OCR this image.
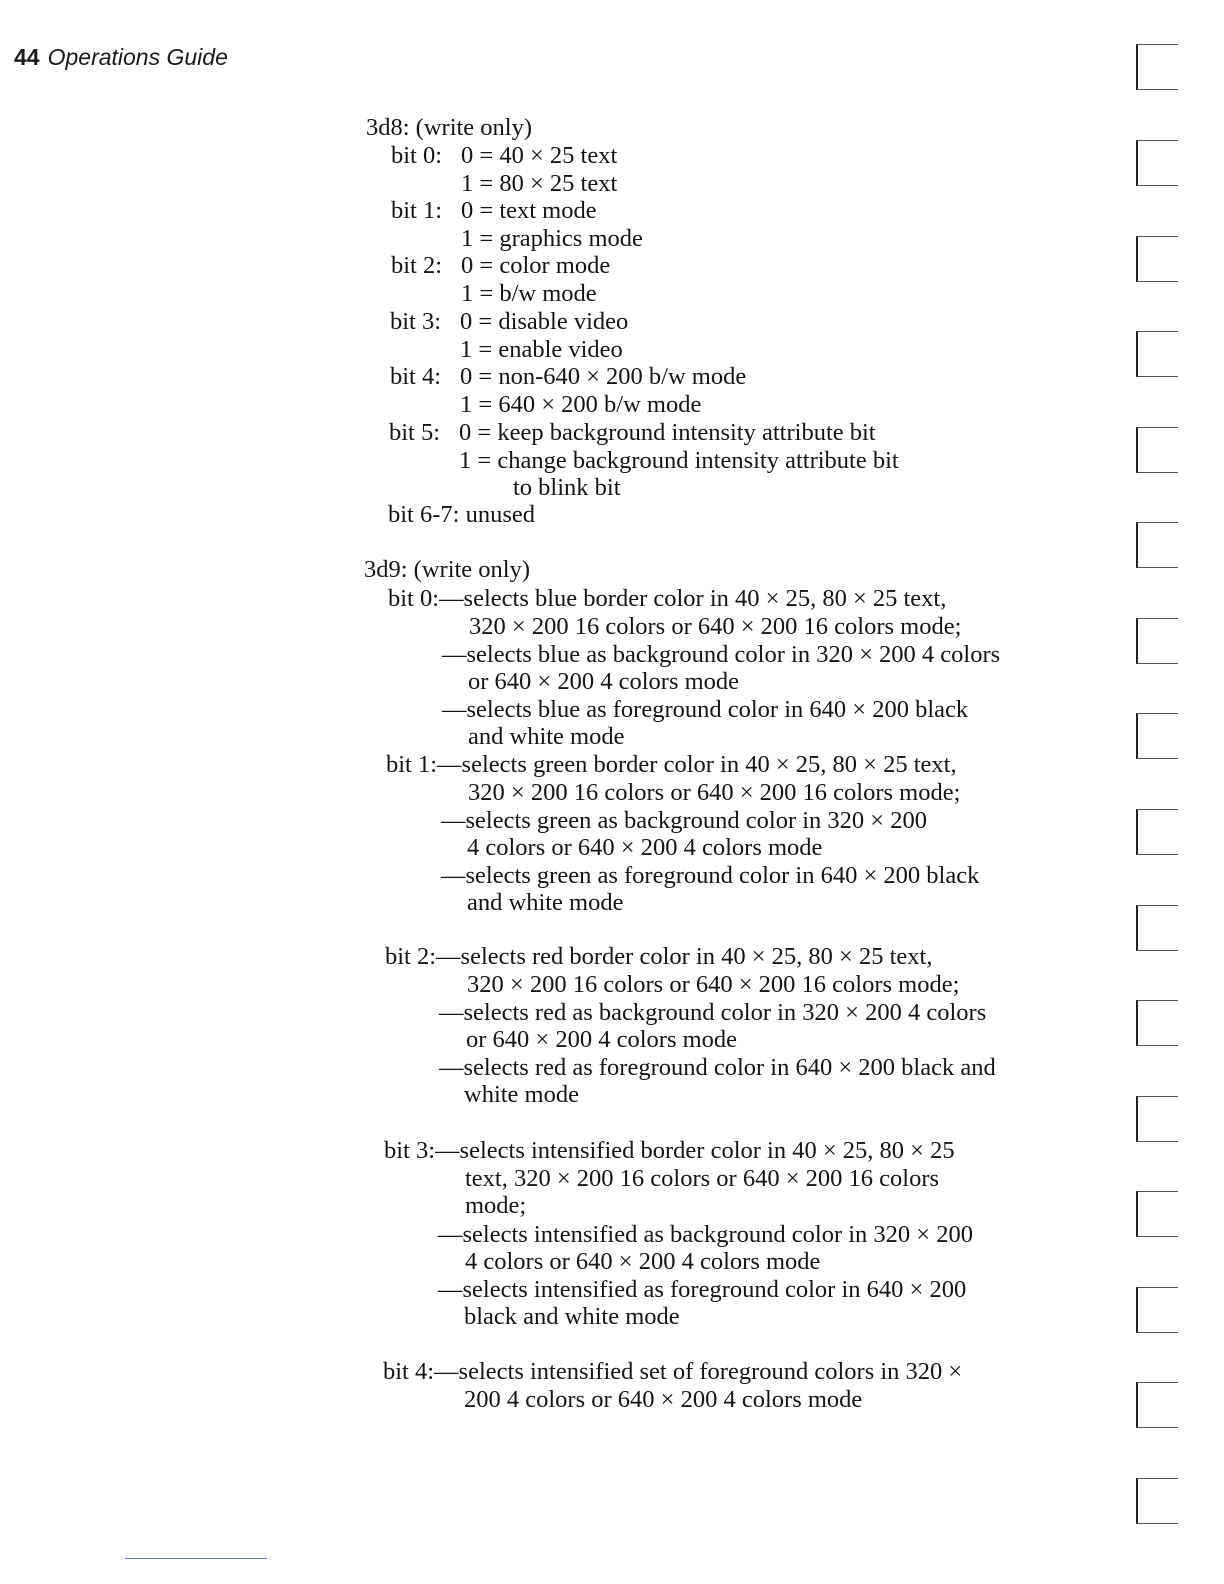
44 Operations Guide
3d8: (write only)
bit 0: 0 = 40 × 25 text
1 = 80 × 25 text
bit 1: 0 = text mode
1 = graphics mode
bit 2: 0 = color mode
1 = b/w mode
bit 3: 0 = disable video
1 = enable video
bit 4: 0 = non-640 × 200 b/w mode
1 = 640 × 200 b/w mode
bit 5: 0 = keep background intensity attribute bit
1 = change background intensity attribute bit
to blink bit
bit 6-7: unused
3d9: (write only)
bit 0:—selects blue border color in 40 × 25, 80 × 25 text,
320 × 200 16 colors or 640 × 200 16 colors mode;
—selects blue as background color in 320 × 200 4 colors
or 640 × 200 4 colors mode
—selects blue as foreground color in 640 × 200 black
and white mode
bit 1:—selects green border color in 40 × 25, 80 × 25 text,
320 × 200 16 colors or 640 × 200 16 colors mode;
—selects green as background color in 320 × 200
4 colors or 640 × 200 4 colors mode
—selects green as foreground color in 640 × 200 black
and white mode
bit 2:—selects red border color in 40 × 25, 80 × 25 text,
320 × 200 16 colors or 640 × 200 16 colors mode;
—selects red as background color in 320 × 200 4 colors
or 640 × 200 4 colors mode
—selects red as foreground color in 640 × 200 black and
white mode
bit 3:—selects intensified border color in 40 × 25, 80 × 25
text, 320 × 200 16 colors or 640 × 200 16 colors
mode;
—selects intensified as background color in 320 × 200
4 colors or 640 × 200 4 colors mode
—selects intensified as foreground color in 640 × 200
black and white mode
bit 4:—selects intensified set of foreground colors in 320 ×
200 4 colors or 640 × 200 4 colors mode
